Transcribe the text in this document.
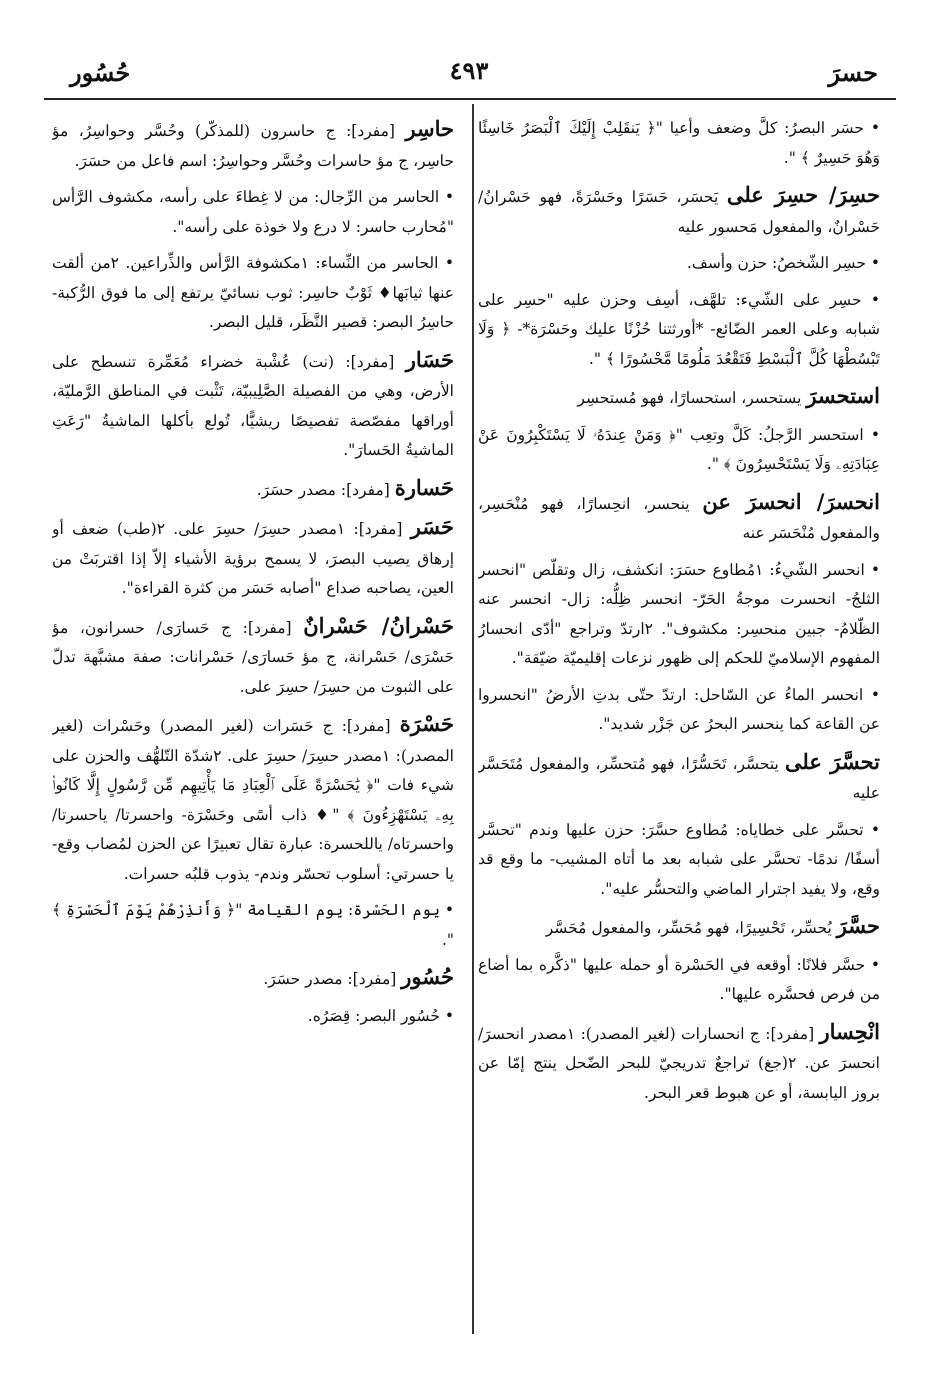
حسرَ
٤٩٣
حُسُور

• حسَر البصرُ: كلَّ وضعف وأعيا "﴿ يَنقَلِبْ إِلَيْكَ ٱلْبَصَرُ خَاسِئًا وَهُوَ حَسِيرٌ ﴾ ".

حسِرَ/ حسِرَ علی يَحسَر، حَسَرًا وحَسْرَةً، فهو حَسْرانُ/ حَسْرانٌ، والمفعول مَحسور عليه

• حسِر الشّخصُ: حزن وأسف.

• حسِر علی الشّيء: تلهَّف، أسِف وحزن عليه "حسِر علی شبابه وعلی العمر الضّائع- *أورثتنا حُزْنًا عليك وحَسْرَة*- ﴿ وَلَا تَبْسُطْهَا كُلَّ ٱلْبَسْطِ فَتَقْعُدَ مَلُومًا مَّحْسُورًا ﴾ ".

استحسرَ يستحسر، استحسارًا، فهو مُستحسِر

• استحسر الرَّجلُ: كَلَّ وتعِب "﴿ وَمَنْ عِندَهُۥ لَا يَسْتَكْبِرُونَ عَنْ عِبَادَتِهِۦ وَلَا يَسْتَحْسِرُونَ ﴾ ".

انحسرَ/ انحسرَ عن ينحسر، انحِسارًا، فهو مُنْحَسِر، والمفعول مُنْحَسَر عنه

• انحسر الشّيءُ: ١مُطاوع حسَرَ: انكشف، زال وتقلّص "انحسر الثلجُ- انحسرت موجةُ الحَرّ- انحسر ظِلُّه: زال- انحسر عنه الظّلامُ- جبين منحسِر: مكشوف". ٢ارتدّ وتراجع "أدّی انحسارُ المفهوم الإسلاميّ للحكم إلی ظهور نزعات إقليميّة ضيّقة".

• انحسر الماءُ عن السّاحل: ارتدّ حتّی بدتِ الأرضُ "انحسروا عن القاعة كما ينحسر البحرُ عن جَزْر شديد".

تحسَّرَ علی يتحسَّر، تَحَسُّرًا، فهو مُتحسِّر، والمفعول مُتَحَسَّر عليه

• تحسَّر علی خطاياه: مُطاوع حسَّرَ: حزن عليها وندم "تحسَّر أسفًا/ ندمًا- تحسَّر علی شبابه بعد ما أتاه المشيب- ما وقع قد وقع، ولا يفيد اجترار الماضي والتحسُّر عليه".

حسَّرَ يُحسِّر، تَحْسِيرًا، فهو مُحَسِّر، والمفعول مُحَسَّر

• حسَّر فلانًا: أوقعه في الحَسْرة أو حمله عليها "ذكَّره بما أضاع من فرص فحسَّره عليها".

انْحِسار [مفرد]: ج انحسارات (لغير المصدر): ١مصدر انحسرَ/ انحسرَ عن. ٢(جغ) تراجعٌ تدريجيّ للبحر الضّحل ينتج إمّا عن بروز اليابسة، أو عن هبوط قعر البحر.

حاسِر [مفرد]: ج حاسرون (للمذكّر) وحُسَّر وحواسِرُ، مؤ حاسِر، ج مؤ حاسرات وحُسَّر وحواسِرُ: اسم فاعل من حسَرَ.

• الحاسر من الرِّجال: من لا غِطاءَ علی رأسه، مكشوف الرَّأس "مُحارب حاسر: لا درع ولا خوذة علی رأسه".

• الحاسر من النِّساء: ١مكشوفة الرَّأس والذِّراعين. ٢من ألقت عنها ثيابَها♦ ثَوْبٌ حاسِر: ثوب نسائيّ يرتفع إلی ما فوق الرُّكبة- حاسِرُ البصر: قصير النَّظَر، قليل البصر.

حَسَار [مفرد]: (نت) عُشْبة خضراء مُعَمِّرة تنسطح علی الأرض، وهي من الفصيلة الصَّلِيبيّة، تَثْبت في المناطق الرَّمليّة، أوراقها مفصّصة تفصيصًا ريشيًّا، تُولع بأكلها الماشيةُ "رَعَتِ الماشيةُ الحَسارَ".

حَسارة [مفرد]: مصدر حسَرَ.

حَسَر [مفرد]: ١مصدر حسِرَ/ حسِرَ علی. ٢(طب) ضعف أو إرهاق يصيب البصرَ، لا يسمح برؤية الأشياء إلاّ إذا اقتربَتْ من العين، يصاحبه صداع "أصابه حَسَر من كثرة القراءة".

حَسْرانُ/ حَسْرانٌ [مفرد]: ج حَسارَى/ حسرانون، مؤ حَسْرَى/ حَسْرانة، ج مؤ حَسارَى/ حَسْرانات: صفة مشبَّهة تدلّ علی الثبوت من حسِرَ/ حسِرَ علی.

حَسْرَة [مفرد]: ج حَسَرات (لغير المصدر) وحَسْرات (لغير المصدر): ١مصدر حسِرَ/ حسِرَ علی. ٢شدّة التّلهُّف والحزن علی شيء فات "﴿ يَٰحَسْرَةً عَلَى ٱلْعِبَادِ مَا يَأْتِيهِم مِّن رَّسُولٍ إِلَّا كَانُوا۟ بِهِۦ يَسْتَهْزِءُونَ ﴾ "♦ ذاب أسًی وحَسْرَة- واحسرتا/ ياحسرتا/ واحسرتاه/ ياللحسرة: عبارة تقال تعبيرًا عن الحزن لمُصاب وقع- يا حسرتي: أسلوب تحسّر وندم- يذوب قلبُه حسرات.

• يوم الحَسْرة: يوم القيامة "﴿ وَأَنذِرْهُمْ يَوْمَ ٱلْحَسْرَةِ ﴾ ".

حُسُور [مفرد]: مصدر حسَرَ.

• حُسُور البصر: قِصَرُه.
